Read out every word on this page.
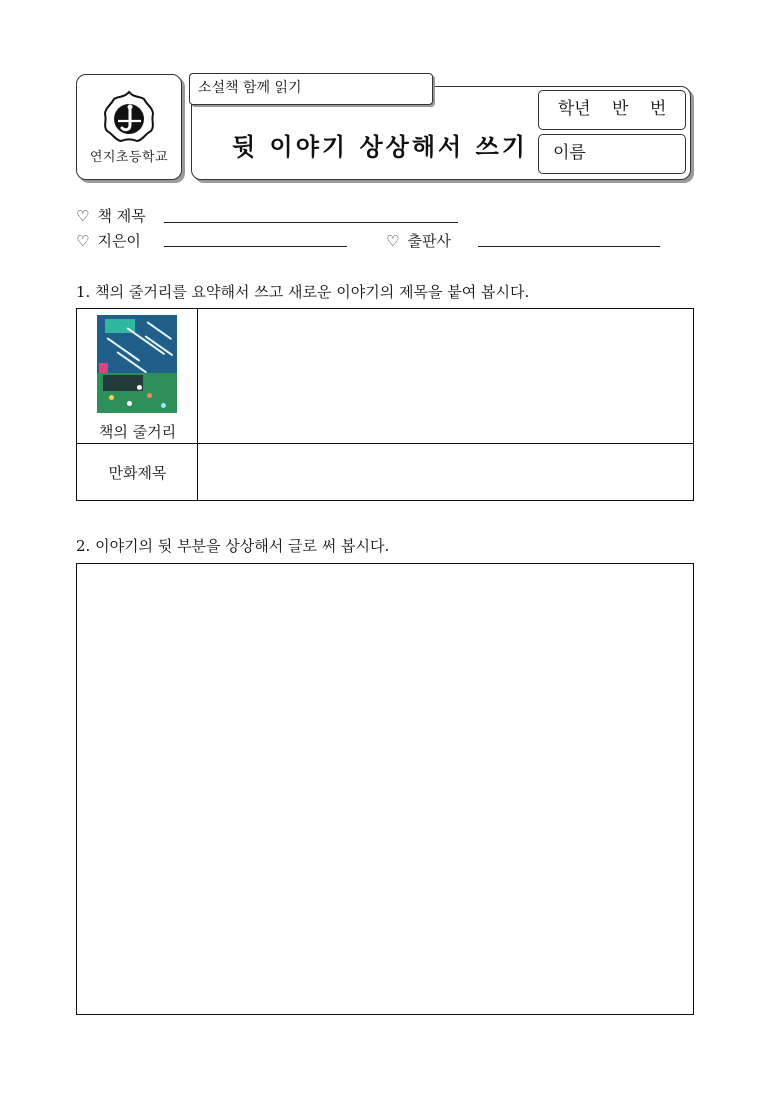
연지초등학교
소설책 함께 읽기
뒷 이야기 상상해서 쓰기
학년 반 번
이름
♡ 책 제목
♡ 지은이	♡ 출판사
1. 책의 줄거리를 요약해서 쓰고 새로운 이야기의 제목을 붙여 봅시다.
책의 줄거리
만화제목
2. 이야기의 뒷 부분을 상상해서 글로 써 봅시다.
